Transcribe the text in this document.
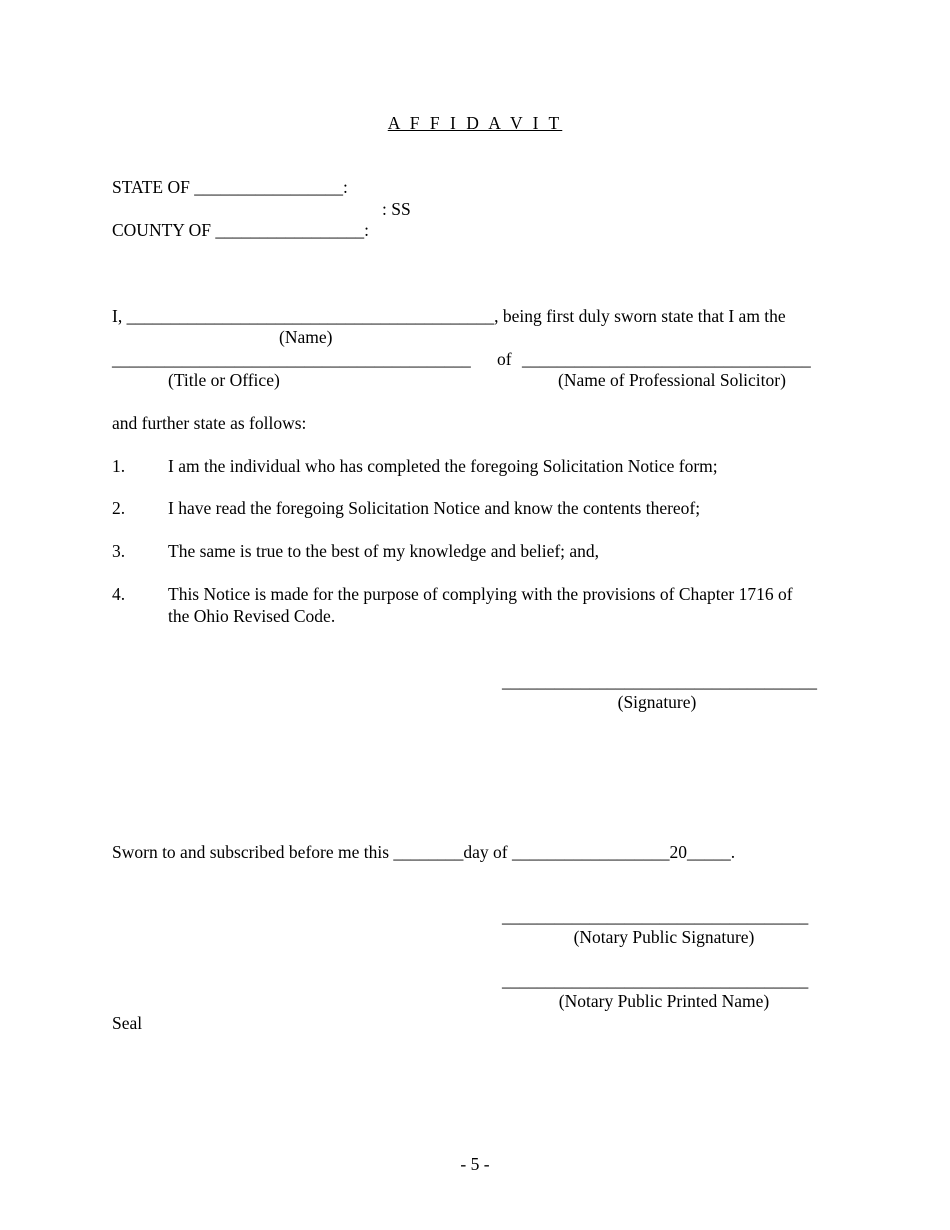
A F F I D A V I T
STATE OF _________________:
: SS
COUNTY OF _________________:
I, __________________________________________, being first duly sworn state that I am the
(Name)
_________________________________________ of _________________________________
(Title or Office)	(Name of Professional Solicitor)
and further state as follows:
1. I am the individual who has completed the foregoing Solicitation Notice form;
2. I have read the foregoing Solicitation Notice and know the contents thereof;
3. The same is true to the best of my knowledge and belief; and,
4. This Notice is made for the purpose of complying with the provisions of Chapter 1716 of
the Ohio Revised Code.
____________________________________
(Signature)
Sworn to and subscribed before me this ________day of __________________20_____.
___________________________________
(Notary Public Signature)
___________________________________
(Notary Public Printed Name)
Seal
- 5 -
